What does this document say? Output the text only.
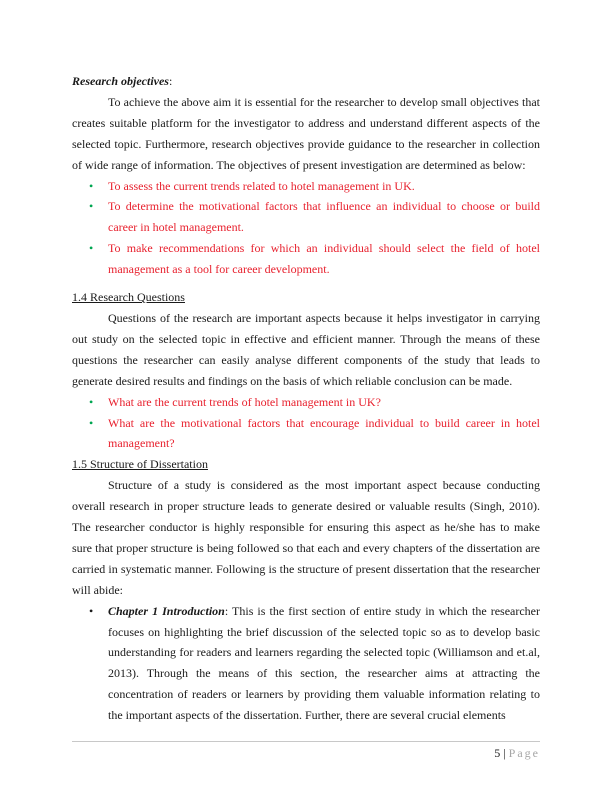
Research objectives:

To achieve the above aim it is essential for the researcher to develop small objectives that creates suitable platform for the investigator to address and understand different aspects of the selected topic. Furthermore, research objectives provide guidance to the researcher in collection of wide range of information. The objectives of present investigation are determined as below:

• To assess the current trends related to hotel management in UK.
• To determine the motivational factors that influence an individual to choose or build career in hotel management.
• To make recommendations for which an individual should select the field of hotel management as a tool for career development.

1.4 Research Questions

Questions of the research are important aspects because it helps investigator in carrying out study on the selected topic in effective and efficient manner. Through the means of these questions the researcher can easily analyse different components of the study that leads to generate desired results and findings on the basis of which reliable conclusion can be made.

• What are the current trends of hotel management in UK?
• What are the motivational factors that encourage individual to build career in hotel management?

1.5 Structure of Dissertation

Structure of a study is considered as the most important aspect because conducting overall research in proper structure leads to generate desired or valuable results (Singh, 2010). The researcher conductor is highly responsible for ensuring this aspect as he/she has to make sure that proper structure is being followed so that each and every chapters of the dissertation are carried in systematic manner. Following is the structure of present dissertation that the researcher will abide:

• Chapter 1 Introduction: This is the first section of entire study in which the researcher focuses on highlighting the brief discussion of the selected topic so as to develop basic understanding for readers and learners regarding the selected topic (Williamson and et.al, 2013). Through the means of this section, the researcher aims at attracting the concentration of readers or learners by providing them valuable information relating to the important aspects of the dissertation. Further, there are several crucial elements
5 | Page
